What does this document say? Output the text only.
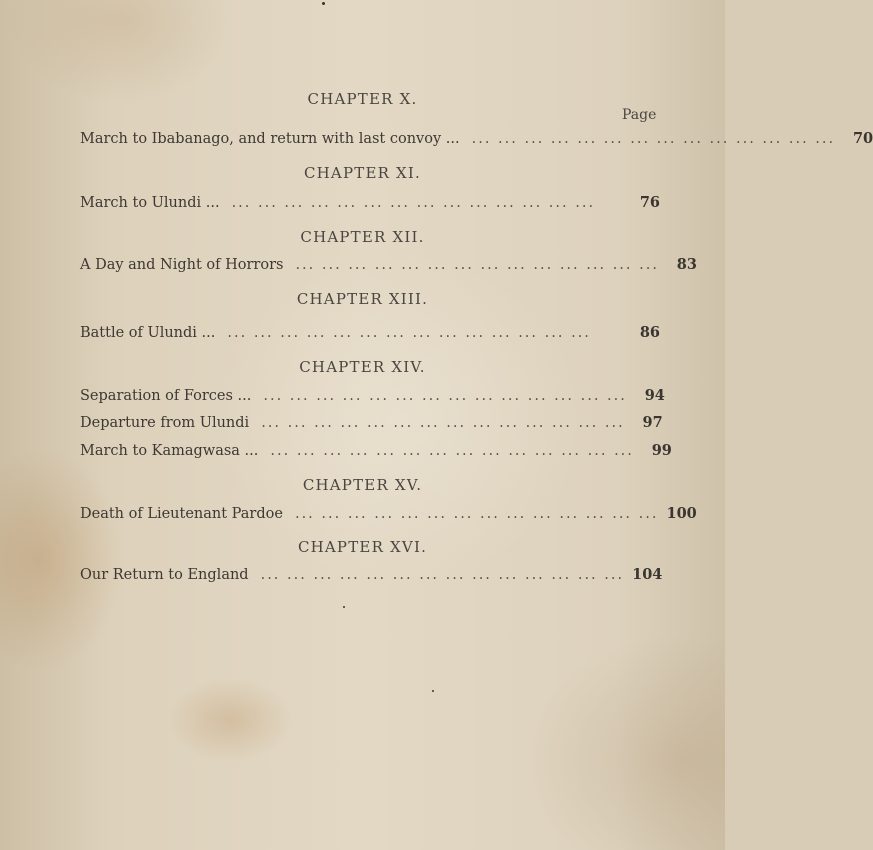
Page
CHAPTER X.
March to Ibabanago, and return with last convoy ... ... ... ... ... ... ... ... ... ... ... ... ... ... ...	70
CHAPTER XI.
March to Ulundi ... ... ... ... ... ... ... ... ... ... ... ... ... ... ...	76
CHAPTER XII.
A Day and Night of Horrors ... ... ... ... ... ... ... ... ... ... ... ... ... ...	83
CHAPTER XIII.
Battle of Ulundi ... ... ... ... ... ... ... ... ... ... ... ... ... ... ...	86
CHAPTER XIV.
Separation of Forces ... ... ... ... ... ... ... ... ... ... ... ... ... ... ...	94
Departure from Ulundi ... ... ... ... ... ... ... ... ... ... ... ... ... ...	97
March to Kamagwasa ... ... ... ... ... ... ... ... ... ... ... ... ... ... ...	99
CHAPTER XV.
Death of Lieutenant Pardoe ... ... ... ... ... ... ... ... ... ... ... ... ... ... 100
CHAPTER XVI.
Our Return to England ... ... ... ... ... ... ... ... ... ... ... ... ... ... 104
